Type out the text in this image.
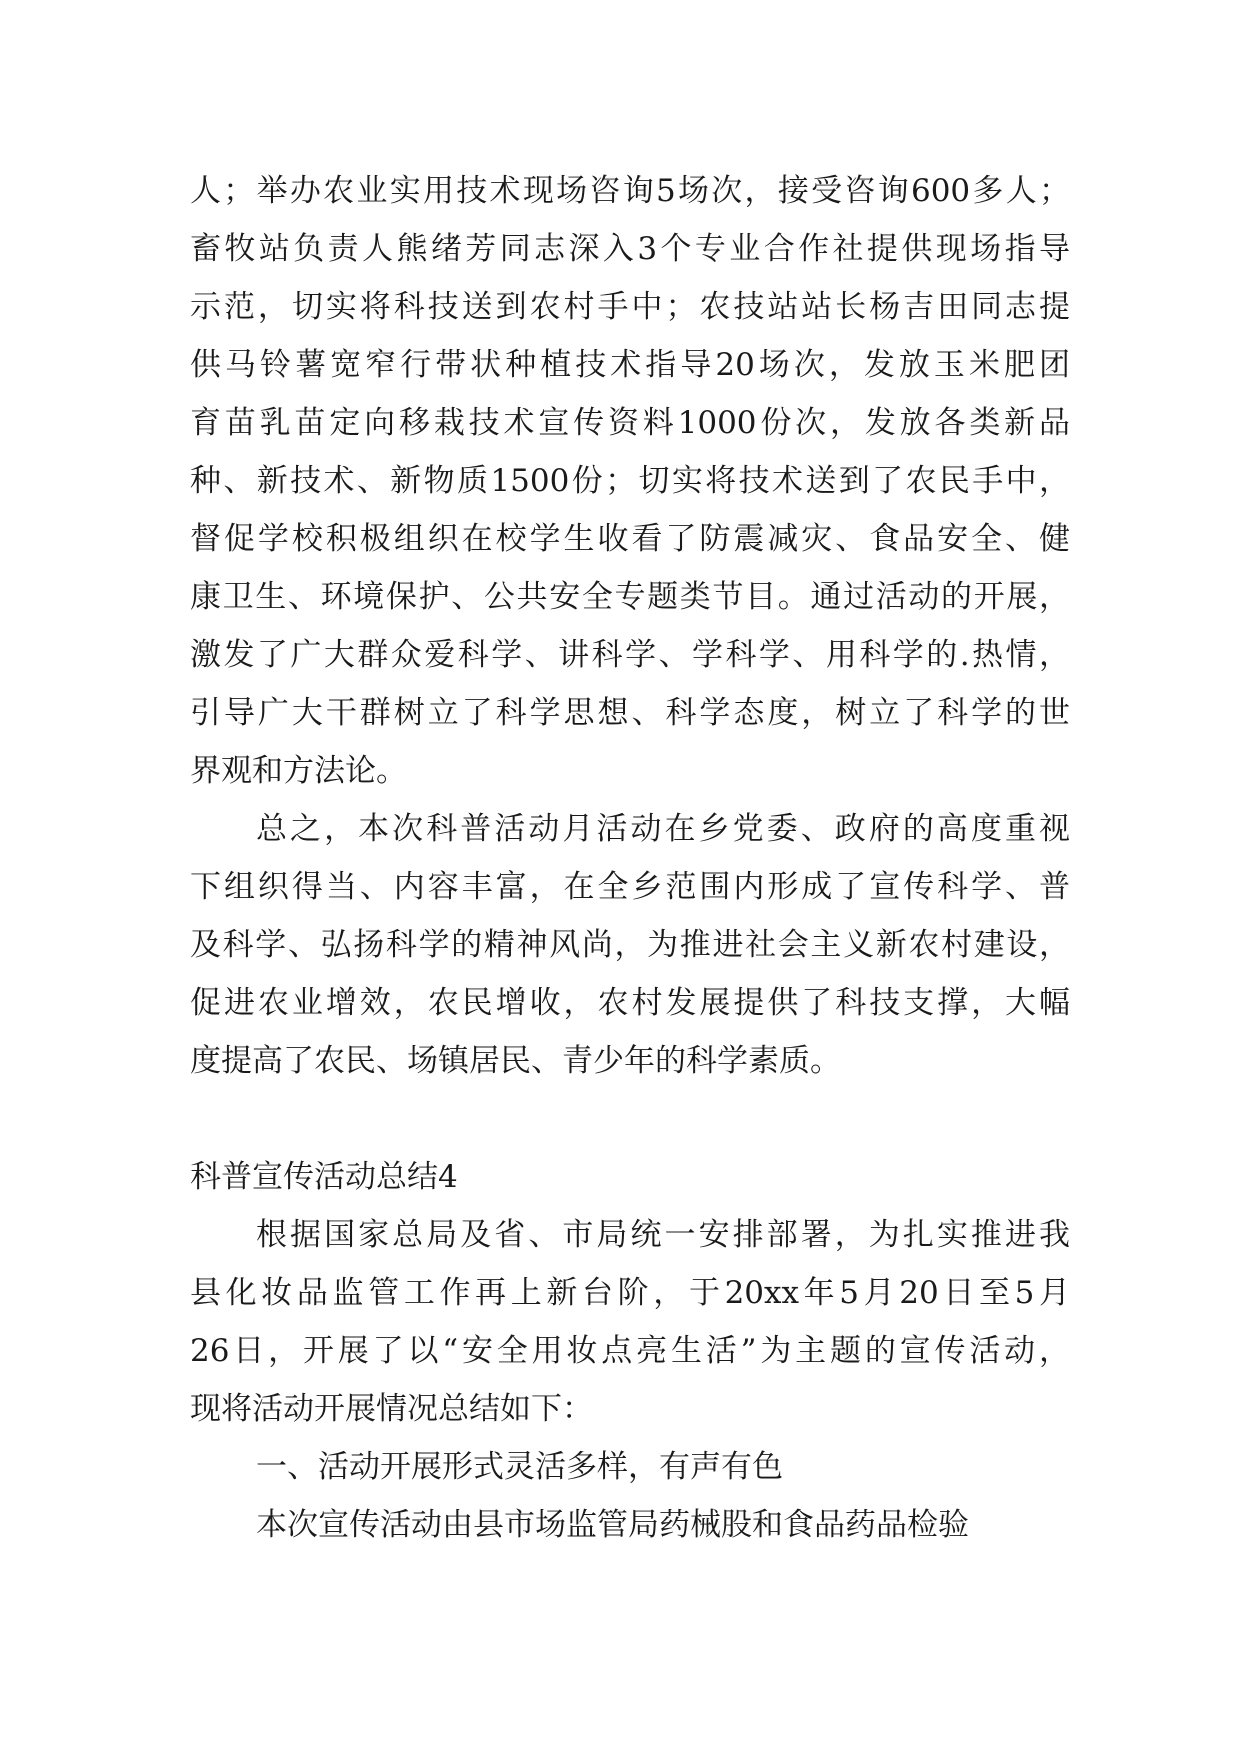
人；举办农业实用技术现场咨询5场次，接受咨询600多人；
畜牧站负责人熊绪芳同志深入3个专业合作社提供现场指导
示范，切实将科技送到农村手中；农技站站长杨吉田同志提
供马铃薯宽窄行带状种植技术指导20场次，发放玉米肥团
育苗乳苗定向移栽技术宣传资料1000份次，发放各类新品
种、新技术、新物质1500份；切实将技术送到了农民手中，
督促学校积极组织在校学生收看了防震减灾、食品安全、健
康卫生、环境保护、公共安全专题类节目。通过活动的开展，
激发了广大群众爱科学、讲科学、学科学、用科学的.热情，
引导广大干群树立了科学思想、科学态度，树立了科学的世
界观和方法论。
总之，本次科普活动月活动在乡党委、政府的高度重视
下组织得当、内容丰富，在全乡范围内形成了宣传科学、普
及科学、弘扬科学的精神风尚，为推进社会主义新农村建设，
促进农业增效，农民增收，农村发展提供了科技支撑，大幅
度提高了农民、场镇居民、青少年的科学素质。
科普宣传活动总结4
根据国家总局及省、市局统一安排部署，为扎实推进我
县化妆品监管工作再上新台阶，于20xx年5月20日至5月
26日，开展了以“安全用妆点亮生活”为主题的宣传活动，
现将活动开展情况总结如下：
一、活动开展形式灵活多样，有声有色
本次宣传活动由县市场监管局药械股和食品药品检验
